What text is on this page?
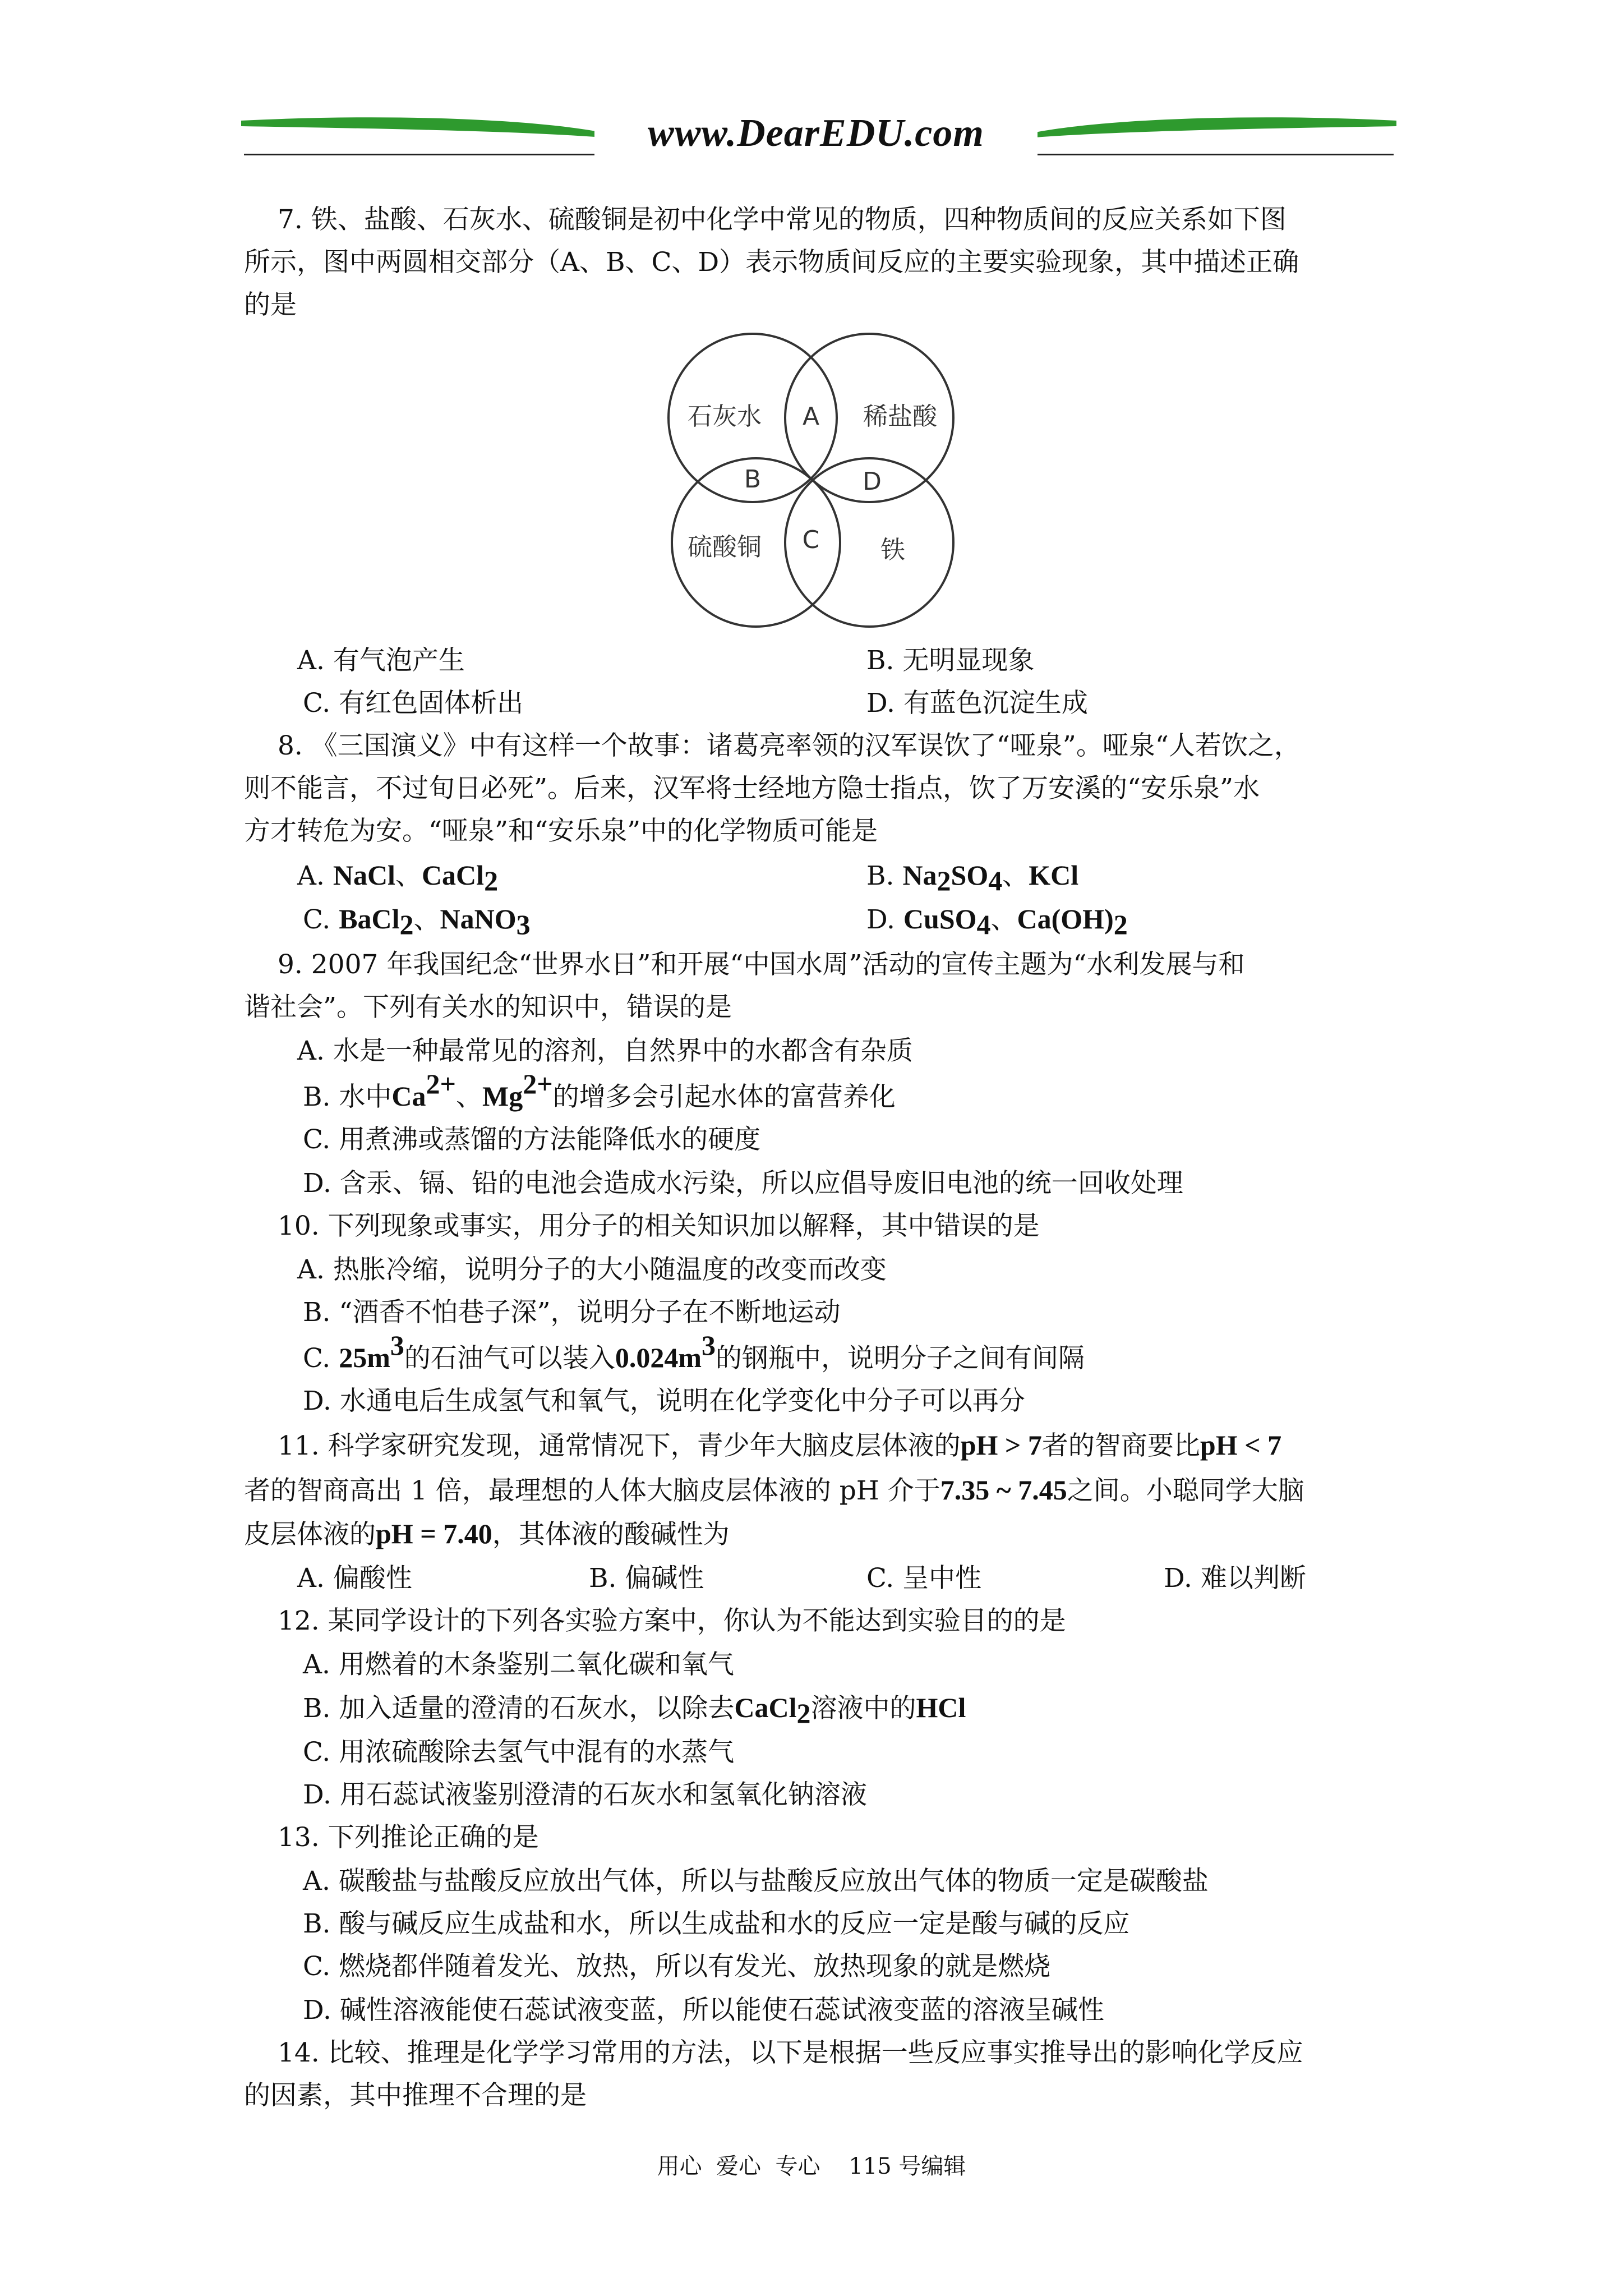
www.DearEDU.com
7. 铁、盐酸、石灰水、硫酸铜是初中化学中常见的物质，四种物质间的反应关系如下图
所示，图中两圆相交部分（A、B、C、D）表示物质间反应的主要实验现象，其中描述正确
的是
石灰水	稀盐酸
硫酸铜	铁
A
B
C
D
A. 有气泡产生	B. 无明显现象
C. 有红色固体析出	D. 有蓝色沉淀生成
8. 《三国演义》中有这样一个故事：诸葛亮率领的汉军误饮了“哑泉”。哑泉“人若饮之，
则不能言，不过旬日必死”。后来，汉军将士经地方隐士指点，饮了万安溪的“安乐泉”水
方才转危为安。“哑泉”和“安乐泉”中的化学物质可能是
A. NaCl、CaCl$_2$	B. $Na_2SO_4$、KCl
C. BaCl$_2$、NaNO$_3$	D. CuSO$_4$、$Ca(OH)_2$
9. 2007 年我国纪念“世界水日”和开展“中国水周”活动的宣传主题为“水利发展与和
谐社会”。下列有关水的知识中，错误的是
A. 水是一种最常见的溶剂，自然界中的水都含有杂质
B. 水中$Ca^{2+}$、$Mg^{2+}$的增多会引起水体的富营养化
C. 用煮沸或蒸馏的方法能降低水的硬度
D. 含汞、镉、铅的电池会造成水污染，所以应倡导废旧电池的统一回收处理
10. 下列现象或事实，用分子的相关知识加以解释，其中错误的是
A. 热胀冷缩，说明分子的大小随温度的改变而改变
B. “酒香不怕巷子深”，说明分子在不断地运动
C. $25m^3$的石油气可以装入$0.024m^3$的钢瓶中，说明分子之间有间隔
D. 水通电后生成氢气和氧气，说明在化学变化中分子可以再分
11. 科学家研究发现，通常情况下，青少年大脑皮层体液的pH > 7者的智商要比pH < 7
者的智商高出 1 倍，最理想的人体大脑皮层体液的 pH 介于7.35 ~ 7.45之间。小聪同学大脑
皮层体液的pH = 7.40，其体液的酸碱性为
A. 偏酸性	B. 偏碱性	C. 呈中性	D. 难以判断
12. 某同学设计的下列各实验方案中，你认为不能达到实验目的的是
A. 用燃着的木条鉴别二氧化碳和氧气
B. 加入适量的澄清的石灰水，以除去CaCl$_2$溶液中的HCl
C. 用浓硫酸除去氢气中混有的水蒸气
D. 用石蕊试液鉴别澄清的石灰水和氢氧化钠溶液
13. 下列推论正确的是
A. 碳酸盐与盐酸反应放出气体，所以与盐酸反应放出气体的物质一定是碳酸盐
B. 酸与碱反应生成盐和水，所以生成盐和水的反应一定是酸与碱的反应
C. 燃烧都伴随着发光、放热，所以有发光、放热现象的就是燃烧
D. 碱性溶液能使石蕊试液变蓝，所以能使石蕊试液变蓝的溶液呈碱性
14. 比较、推理是化学学习常用的方法，以下是根据一些反应事实推导出的影响化学反应
的因素，其中推理不合理的是
用心  爱心  专心    115 号编辑
